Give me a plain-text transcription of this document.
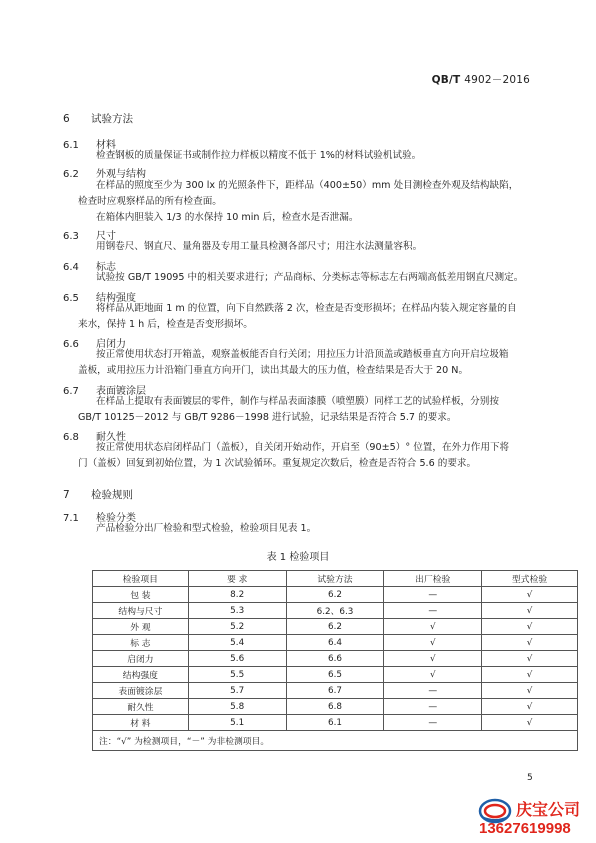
QB/T 4902－2016
6 试验方法
6.1 材料
检查钢板的质量保证书或制作拉力样板以精度不低于 1%的材料试验机试验。
6.2 外观与结构
在样品的照度至少为 300 lx 的光照条件下，距样品（400±50）mm 处目测检查外观及结构缺陷，
检查时应观察样品的所有检查面。
在箱体内胆装入 1/3 的水保持 10 min 后，检查水是否泄漏。
6.3 尺寸
用钢卷尺、钢直尺、量角器及专用工量具检测各部尺寸；用注水法测量容积。
6.4 标志
试验按 GB/T 19095 中的相关要求进行；产品商标、分类标志等标志左右两端高低差用钢直尺测定。
6.5 结构强度
将样品从距地面 1 m 的位置，向下自然跌落 2 次，检查是否变形损坏；在样品内装入规定容量的自
来水，保持 1 h 后，检查是否变形损坏。
6.6 启闭力
按正常使用状态打开箱盖，观察盖板能否自行关闭；用拉压力计沿顶盖或踏板垂直方向开启垃圾箱
盖板，或用拉压力计沿箱门垂直方向开门，读出其最大的压力值，检查结果是否大于 20 N。
6.7 表面镀涂层
在样品上提取有表面镀层的零件，制作与样品表面漆膜（喷塑膜）同样工艺的试验样板，分别按
GB/T 10125－2012 与 GB/T 9286－1998 进行试验，记录结果是否符合 5.7 的要求。
6.8 耐久性
按正常使用状态启闭样品门（盖板），自关闭开始动作，开启至（90±5）° 位置，在外力作用下将
门（盖板）回复到初始位置，为 1 次试验循环。重复规定次数后，检查是否符合 5.6 的要求。
7 检验规则
7.1 检验分类
产品检验分出厂检验和型式检验，检验项目见表 1。
表 1 检验项目
检验项目	要 求	试验方法	出厂检验	型式检验
包 装	8.2	6.2	—	√
结构与尺寸	5.3	6.2、6.3	—	√
外 观	5.2	6.2	√	√
标 志	5.4	6.4	√	√
启闭力	5.6	6.6	√	√
结构强度	5.5	6.5	√	√
表面镀涂层	5.7	6.7	—	√
耐久性	5.8	6.8	—	√
材 料	5.1	6.1	—	√
注：“√” 为检测项目，“－” 为非检测项目。				
5
庆宝公司
13627619998
